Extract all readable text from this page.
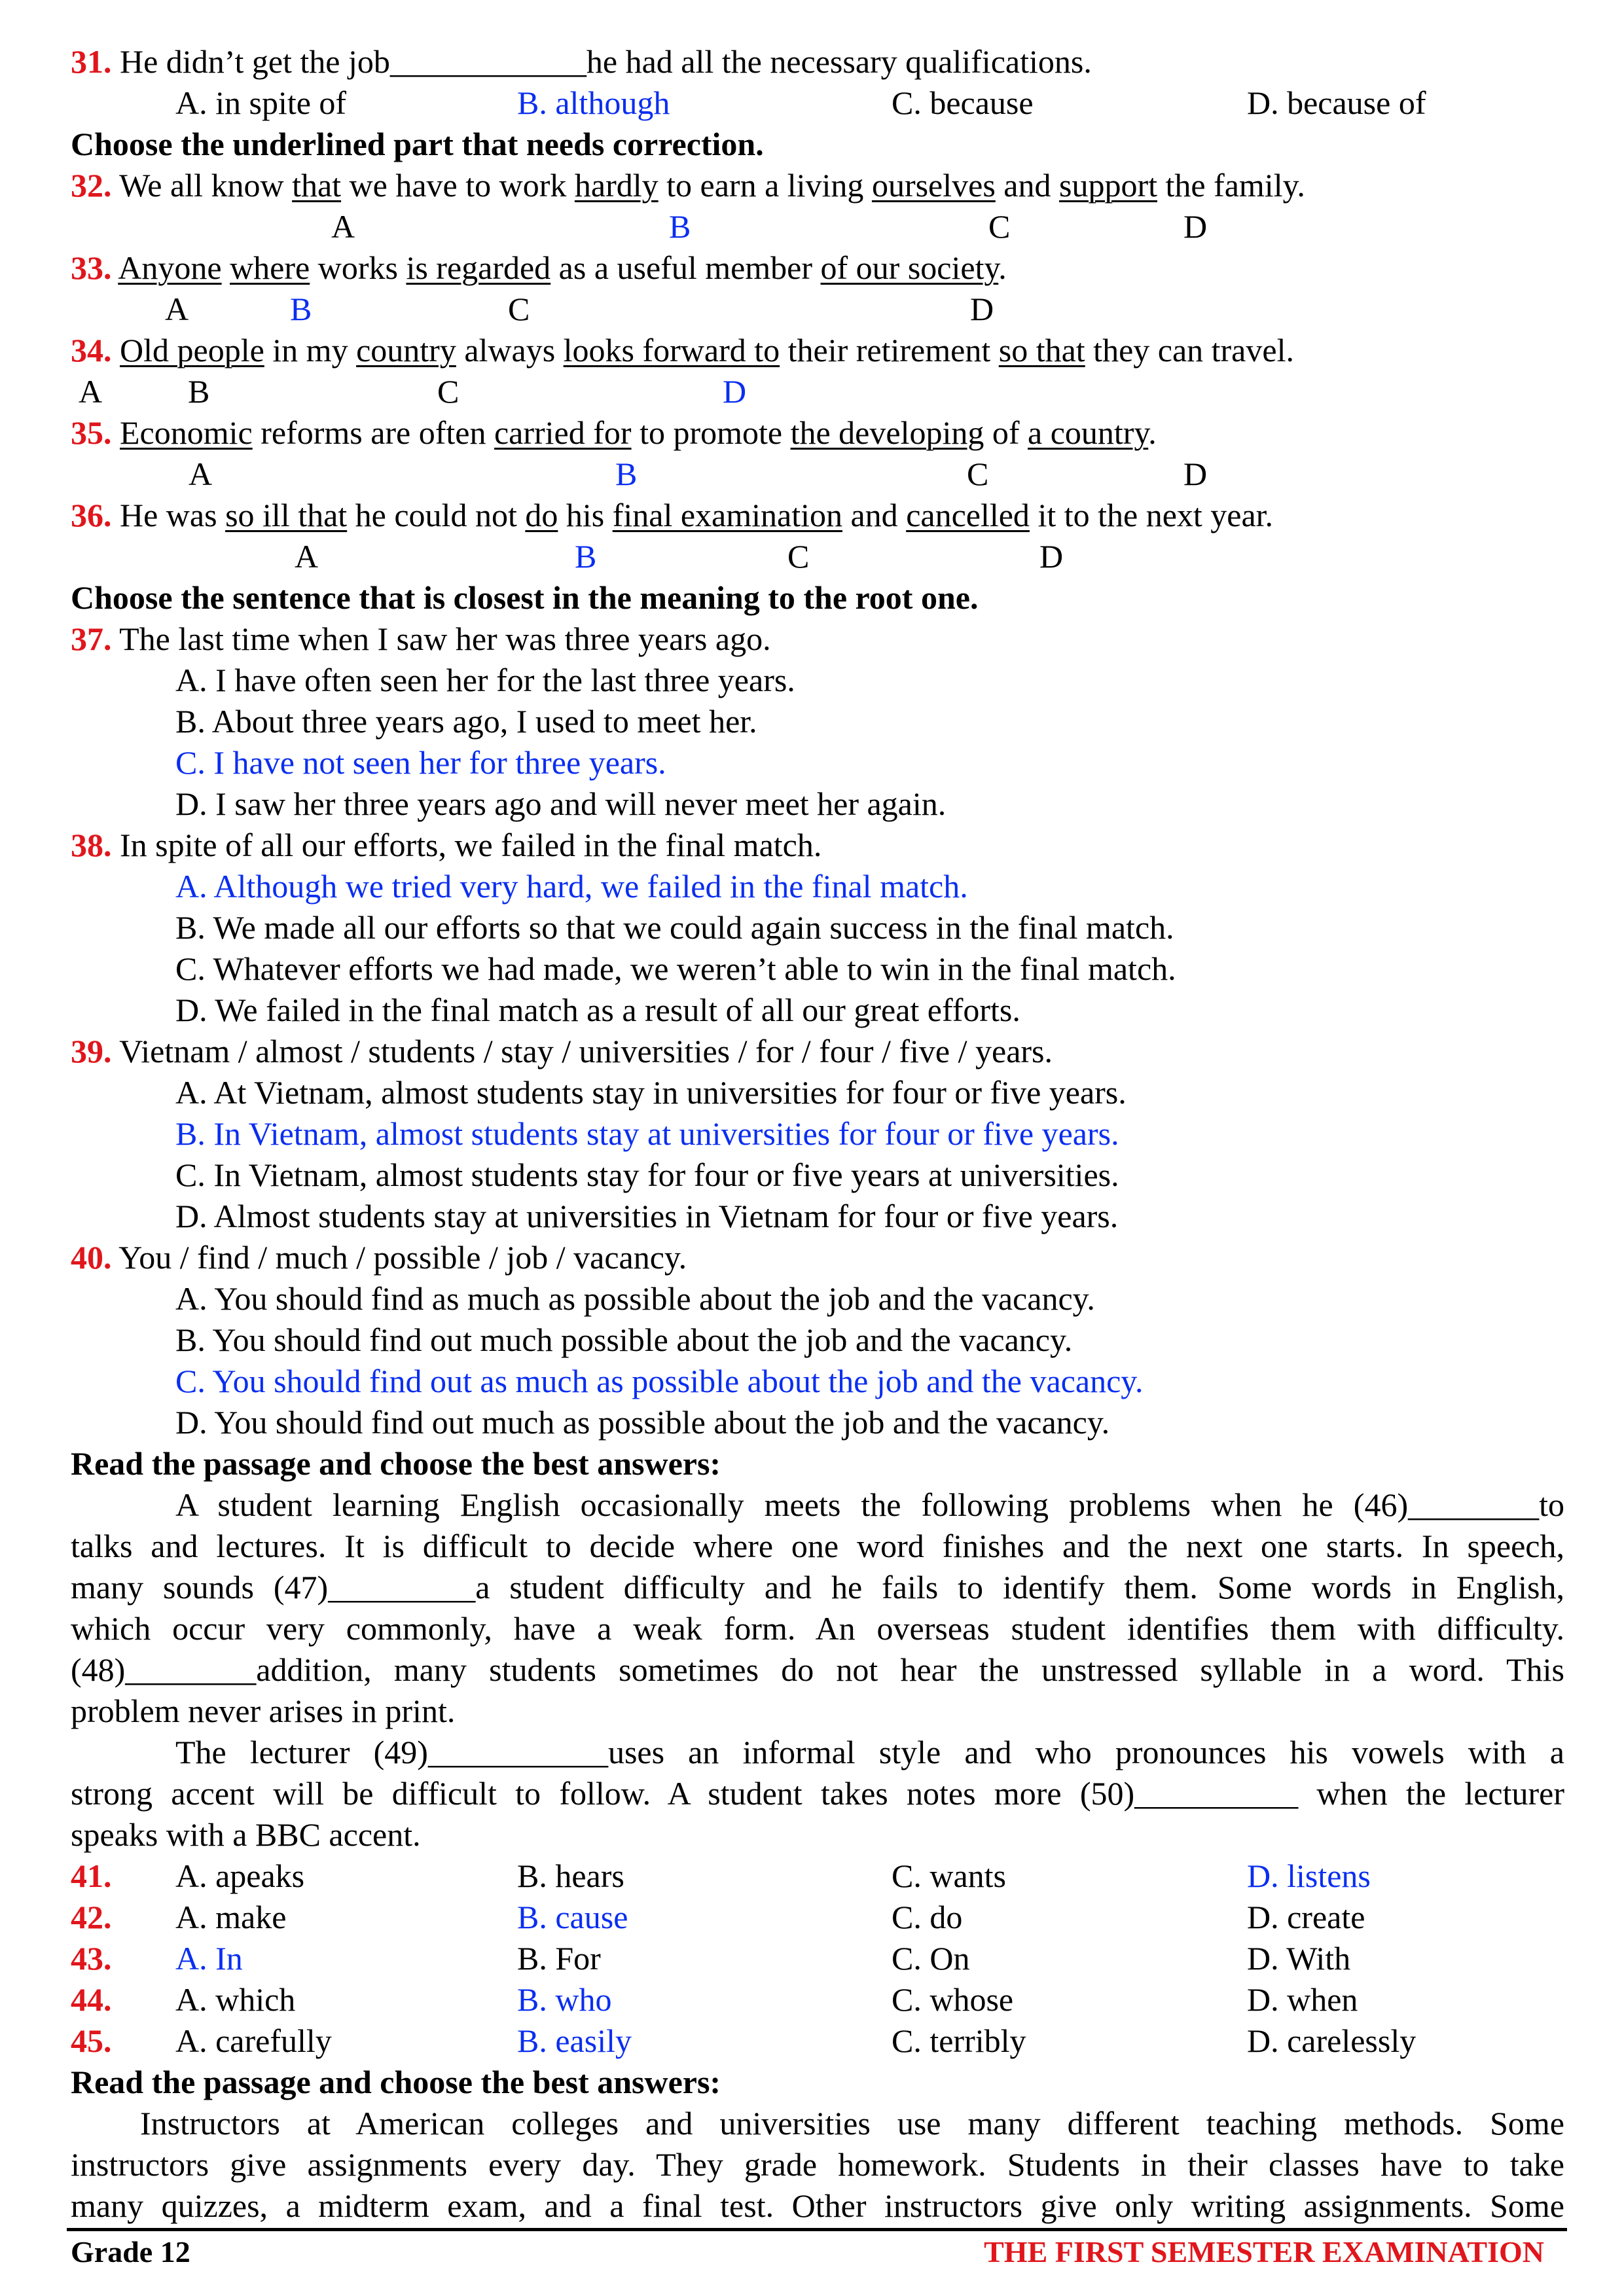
31. He didn’t get the job____________he had all the necessary qualifications.
A. in spite of	B. although	C. because	D. because of
Choose the underlined part that needs correction.
32. We all know that we have to work hardly to earn a living ourselves and support the family.
A	B	C	D
33. Anyone where works is regarded as a useful member of our society.
A	B	C	D
34. Old people in my country always looks forward to their retirement so that they can travel.
A	B	C	D
35. Economic reforms are often carried for to promote the developing of a country.
A	B	C	D
36. He was so ill that he could not do his final examination and cancelled it to the next year.
A	B	C	D
Choose the sentence that is closest in the meaning to the root one.
37. The last time when I saw her was three years ago.
A. I have often seen her for the last three years.
B. About three years ago, I used to meet her.
C. I have not seen her for three years.
D. I saw her three years ago and will never meet her again.
38. In spite of all our efforts, we failed in the final match.
A. Although we tried very hard, we failed in the final match.
B. We made all our efforts so that we could again success in the final match.
C. Whatever efforts we had made, we weren’t able to win in the final match.
D. We failed in the final match as a result of all our great efforts.
39. Vietnam / almost / students / stay / universities / for / four / five / years.
A. At Vietnam, almost students stay in universities for four or five years.
B. In Vietnam, almost students stay at universities for four or five years.
C. In Vietnam, almost students stay for four or five years at universities.
D. Almost students stay at universities in Vietnam for four or five years.
40. You / find / much / possible / job / vacancy.
A. You should find as much as possible about the job and the vacancy.
B. You should find out much possible about the job and the vacancy.
C. You should find out as much as possible about the job and the vacancy.
D. You should find out much as possible about the job and the vacancy.
Read the passage and choose the best answers:
A student learning English occasionally meets the following problems when he (46)________to
talks and lectures. It is difficult to decide where one word finishes and the next one starts. In speech,
many sounds (47)_________a student difficulty and he fails to identify them. Some words in English,
which occur very commonly, have a weak form. An overseas student identifies them with difficulty.
(48)________addition, many students sometimes do not hear the unstressed syllable in a word. This
problem never arises in print.
The lecturer (49)___________uses an informal style and who pronounces his vowels with a
strong accent will be difficult to follow. A student takes notes more (50)__________ when the lecturer
speaks with a BBC accent.
41. A. apeaks	B. hears	C. wants	D. listens
42. A. make	B. cause	C. do	D. create
43. A. In	B. For	C. On	D. With
44. A. which	B. who	C. whose	D. when
45. A. carefully	B. easily	C. terribly	D. carelessly
Read the passage and choose the best answers:
Instructors at American colleges and universities use many different teaching methods. Some
instructors give assignments every day. They grade homework. Students in their classes have to take
many quizzes, a midterm exam, and a final test. Other instructors give only writing assignments. Some
Grade 12	THE FIRST SEMESTER EXAMINATION
